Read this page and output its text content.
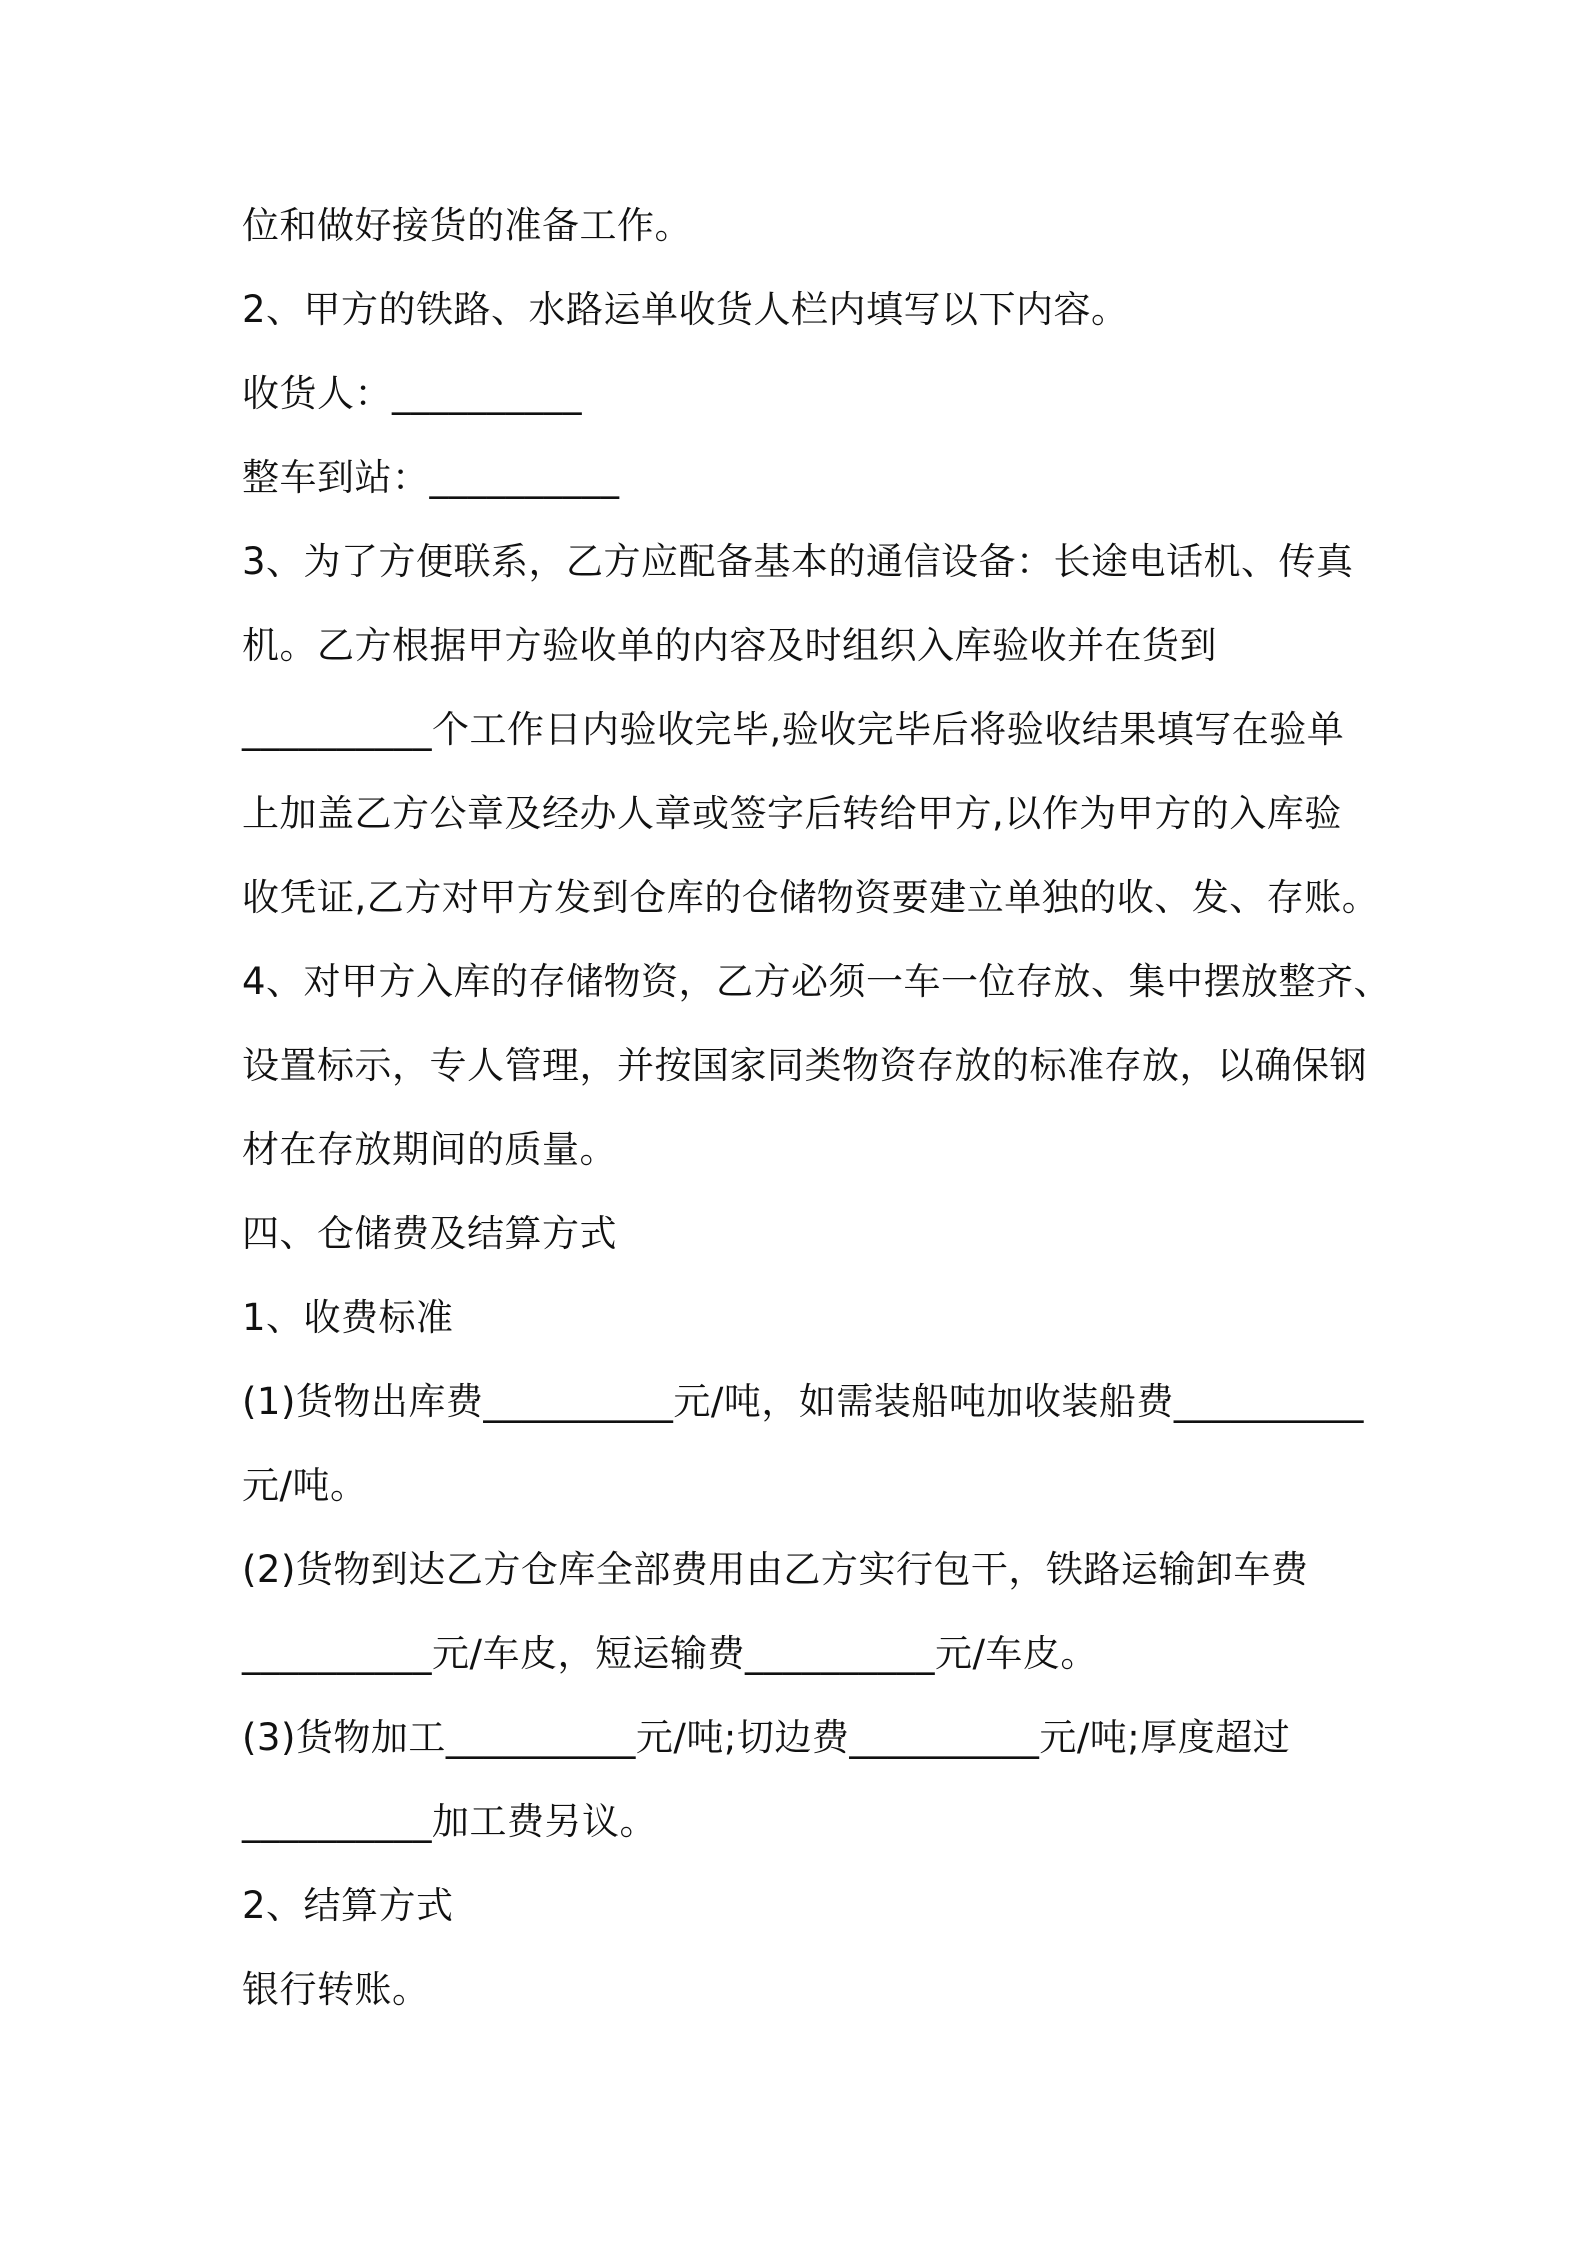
位和做好接货的准备工作。
2、甲方的铁路、水路运单收货人栏内填写以下内容。
收货人：__________
整车到站：__________
3、为了方便联系，乙方应配备基本的通信设备：长途电话机、传真
机。乙方根据甲方验收单的内容及时组织入库验收并在货到
__________个工作日内验收完毕,验收完毕后将验收结果填写在验单
上加盖乙方公章及经办人章或签字后转给甲方,以作为甲方的入库验
收凭证,乙方对甲方发到仓库的仓储物资要建立单独的收、发、存账。
4、对甲方入库的存储物资，乙方必须一车一位存放、集中摆放整齐、
设置标示，专人管理，并按国家同类物资存放的标准存放，以确保钢
材在存放期间的质量。
四、仓储费及结算方式
1、收费标准
(1)货物出库费__________元/吨，如需装船吨加收装船费__________
元/吨。
(2)货物到达乙方仓库全部费用由乙方实行包干，铁路运输卸车费
__________元/车皮，短运输费__________元/车皮。
(3)货物加工__________元/吨;切边费__________元/吨;厚度超过
__________加工费另议。
2、结算方式
银行转账。
